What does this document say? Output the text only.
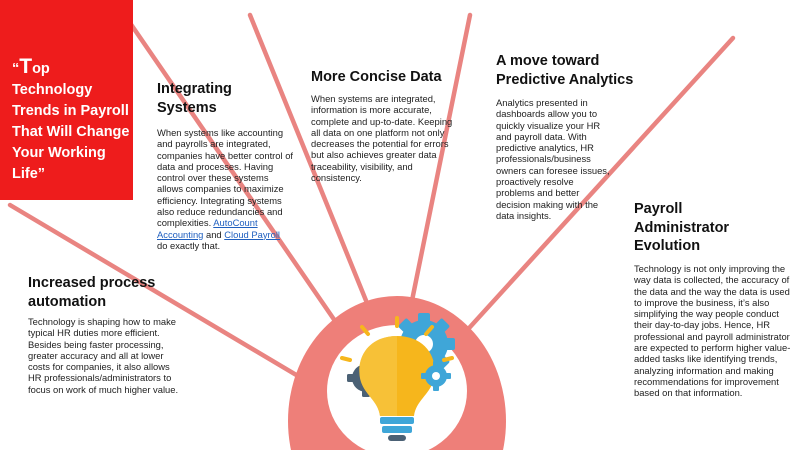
“Top Technology Trends in Payroll That Will Change Your Working Life”
Integrating Systems
When systems like accounting and payrolls are integrated, companies have better control of data and processes. Having control over these systems allows companies to maximize efficiency. Integrating systems also reduce redundancies and complexities. AutoCount Accounting and Cloud Payroll do exactly that.
More Concise Data
When systems are integrated, information is more accurate, complete and up-to-date. Keeping all data on one platform not only decreases the potential for errors but also achieves greater data traceability, visibility, and consistency.
A move toward Predictive Analytics
Analytics presented in dashboards allow you to quickly visualize your HR and payroll data. With predictive analytics, HR professionals/business owners can foresee issues, proactively resolve problems and better decision making with the data insights.
Increased process automation
Technology is shaping how to make typical HR duties more efficient. Besides being faster processing, greater accuracy and all at lower costs for companies, it also allows HR professionals/administrators to focus on work of much higher value.
Payroll Administrator Evolution
Technology is not only improving the way data is collected, the accuracy of the data and the way the data is used to improve the business, it’s also simplifying the way people conduct their day-to-day jobs. Hence, HR professional and payroll administrator are expected to perform higher value-added tasks like identifying trends, analyzing information and making recommendations for improvement based on that information.
